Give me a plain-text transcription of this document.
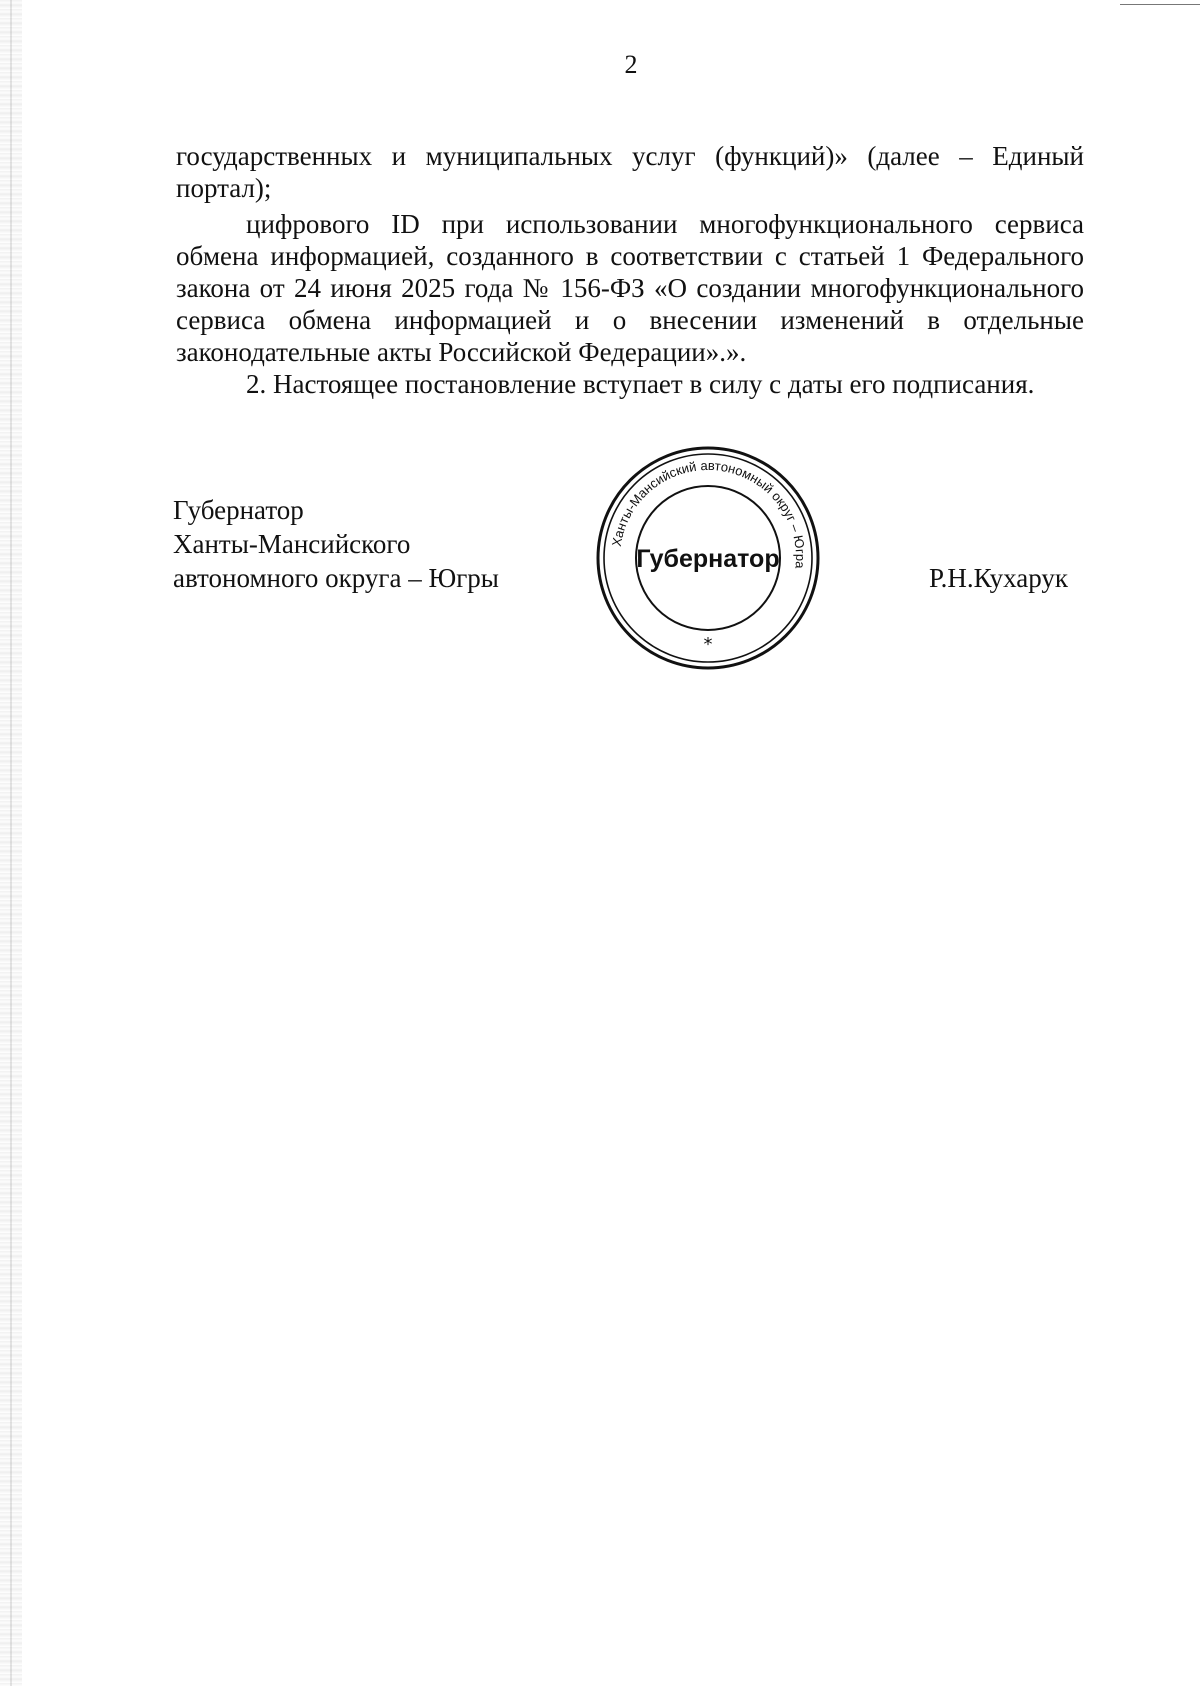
2

государственных и муниципальных услуг (функций)» (далее – Единый портал);

цифрового ID при использовании многофункционального сервиса обмена информацией, созданного в соответствии с статьей 1 Федерального закона от 24 июня 2025 года № 156-ФЗ «О создании многофункционального сервиса обмена информацией и о внесении изменений в отдельные законодательные акты Российской Федерации».».

2. Настоящее постановление вступает в силу с даты его подписания.

Губернатор
Ханты-Мансийского
автономного округа – Югры
Ханты-Мансийский автономный округ – Югра
Губернатор
*
Р.Н.Кухарук
